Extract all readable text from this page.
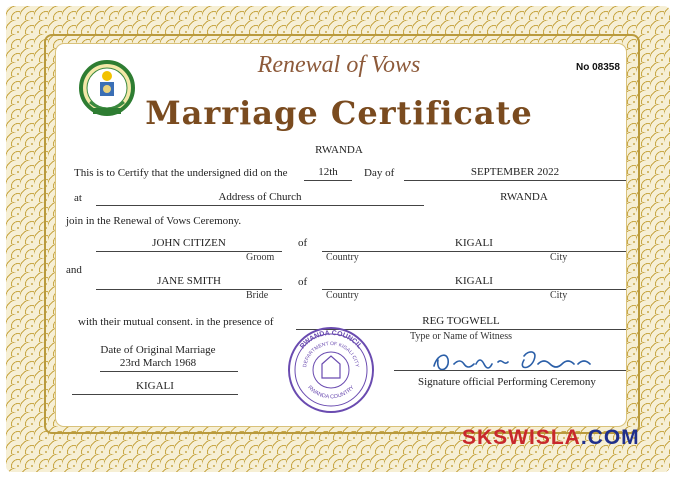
Renewal of Vows	No 08358
Marriage Certificate
RWANDA
This is to Certify that the undersigned did on the	12th	Day of	SEPTEMBER 2022
at	Address of Church	RWANDA
join in the Renewal of Vows Ceremony.
JOHN CITIZEN
Groom
of	KIGALI
Country	City
and
JANE SMITH
Bride
of	KIGALI
Country	City
with their mutual consent. in the presence of	REG TOGWELL
Type or Name of Witness
Date of Original Marriage
23rd March 1968
KIGALI
RWANDA COUNCIL
DEPARTMENT OF KIGALI CITY
RWANDA COUNTRY
Signature official Performing Ceremony
SKSWISLA.COM
